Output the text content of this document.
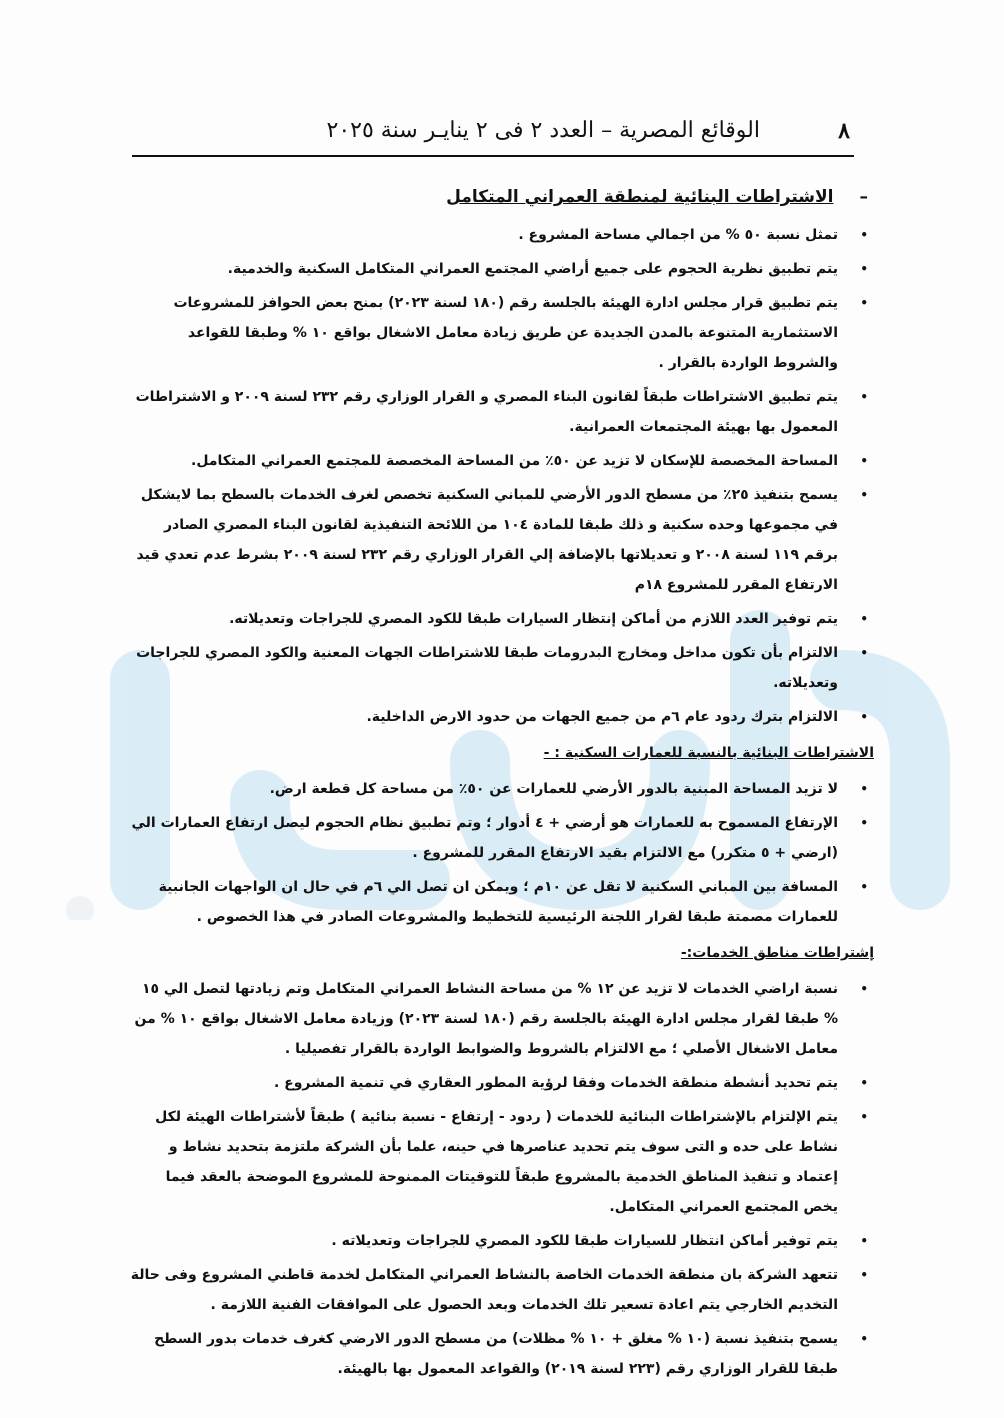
٨
الوقائع المصرية – العدد ٢ فى ٢ ينايـر سنة ٢٠٢٥
–الاشتراطات البنائية لمنطقة العمراني المتكامل
•
تمثل نسبة ٥٠ % من اجمالي مساحة المشروع .
•
يتم تطبيق نظرية الحجوم على جميع أراضي المجتمع العمراني المتكامل السكنية والخدمية.
•
يتم تطبيق قرار مجلس ادارة الهيئة بالجلسة رقم (١٨٠ لسنة ٢٠٢٣) بمنح بعض الحوافز للمشروعات الاستثمارية المتنوعة بالمدن الجديدة عن طريق زيادة معامل الاشغال بواقع ١٠ % وطبقا للقواعد والشروط الواردة بالقرار .
•
يتم تطبيق الاشتراطات طبقاً لقانون البناء المصري و القرار الوزاري رقم ٢٣٢ لسنة ٢٠٠٩ و الاشتراطات المعمول بها بهيئة المجتمعات العمرانية.
•
المساحة المخصصة للإسكان لا تزيد عن ٥٠٪ من المساحة المخصصة للمجتمع العمراني المتكامل.
•
يسمح بتنفيذ ٢٥٪ من مسطح الدور الأرضي للمباني السكنية تخصص لغرف الخدمات بالسطح بما لايشكل في مجموعها وحده سكنية و ذلك طبقا للمادة ١٠٤ من اللائحة التنفيذية لقانون البناء المصري الصادر برقم ١١٩ لسنة ٢٠٠٨ و تعديلاتها بالإضافة إلي القرار الوزاري رقم ٢٣٢ لسنة ٢٠٠٩ بشرط عدم تعدي قيد الارتفاع المقرر للمشروع ١٨م
•
يتم توفير العدد اللازم من أماكن إنتظار السيارات طبقا للكود المصري للجراجات وتعديلاته.
•
الالتزام بأن تكون مداخل ومخارج البدرومات طبقا للاشتراطات الجهات المعنية والكود المصري للجراجات وتعديلاته.
•
الالتزام بترك ردود عام ٦م من جميع الجهات من حدود الارض الداخلية.
الاشتراطات البنائية بالنسبة للعمارات السكنية : -
•
لا تزيد المساحة المبنية بالدور الأرضي للعمارات عن ٥٠٪ من مساحة كل قطعة ارض.
•
الإرتفاع المسموح به للعمارات هو أرضي + ٤ أدوار ؛ وتم تطبيق نظام الحجوم ليصل ارتفاع العمارات الي (ارضي + ٥ متكرر) مع الالتزام بقيد الارتفاع المقرر للمشروع .
•
المسافة بين المباني السكنية لا تقل عن ١٠م ؛ ويمكن ان تصل الي ٦م في حال ان الواجهات الجانبية للعمارات مصمتة طبقا لقرار اللجنة الرئيسية للتخطيط والمشروعات الصادر في هذا الخصوص .
إشتراطات مناطق الخدمات:-
•
نسبة اراضي الخدمات لا تزيد عن ١٢ % من مساحة النشاط العمراني المتكامل وتم زيادتها لتصل الي ١٥ % طبقا لقرار مجلس ادارة الهيئة بالجلسة رقم (١٨٠ لسنة ٢٠٢٣) وزيادة معامل الاشغال بواقع ١٠ % من معامل الاشغال الأصلي ؛ مع الالتزام بالشروط والضوابط الواردة بالقرار تفصيليا .
•
يتم تحديد أنشطة منطقة الخدمات وفقا لرؤية المطور العقاري في تنمية المشروع .
•
يتم الإلتزام بالإشتراطات البنائية للخدمات ( ردود - إرتفاع - نسبة بنائية ) طبقاً لأشتراطات الهيئة لكل نشاط على حده و التى سوف يتم تحديد عناصرها في حينه، علما بأن الشركة ملتزمة بتحديد نشاط و إعتماد و تنفيذ المناطق الخدمية بالمشروع طبقاً للتوقيتات الممنوحة للمشروع الموضحة بالعقد فيما يخص المجتمع العمراني المتكامل.
•
يتم توفير أماكن انتظار للسيارات طبقا للكود المصري للجراجات وتعديلاته .
•
تتعهد الشركة بان منطقة الخدمات الخاصة بالنشاط العمراني المتكامل لخدمة قاطني المشروع وفى حالة التخديم الخارجي يتم اعادة تسعير تلك الخدمات وبعد الحصول على الموافقات الفنية اللازمة .
•
يسمح بتنفيذ نسبة (١٠ % مغلق + ١٠ % مظلات) من مسطح الدور الارضي كغرف خدمات بدور السطح طبقا للقرار الوزاري رقم (٢٢٣ لسنة ٢٠١٩) والقواعد المعمول بها بالهيئة.
